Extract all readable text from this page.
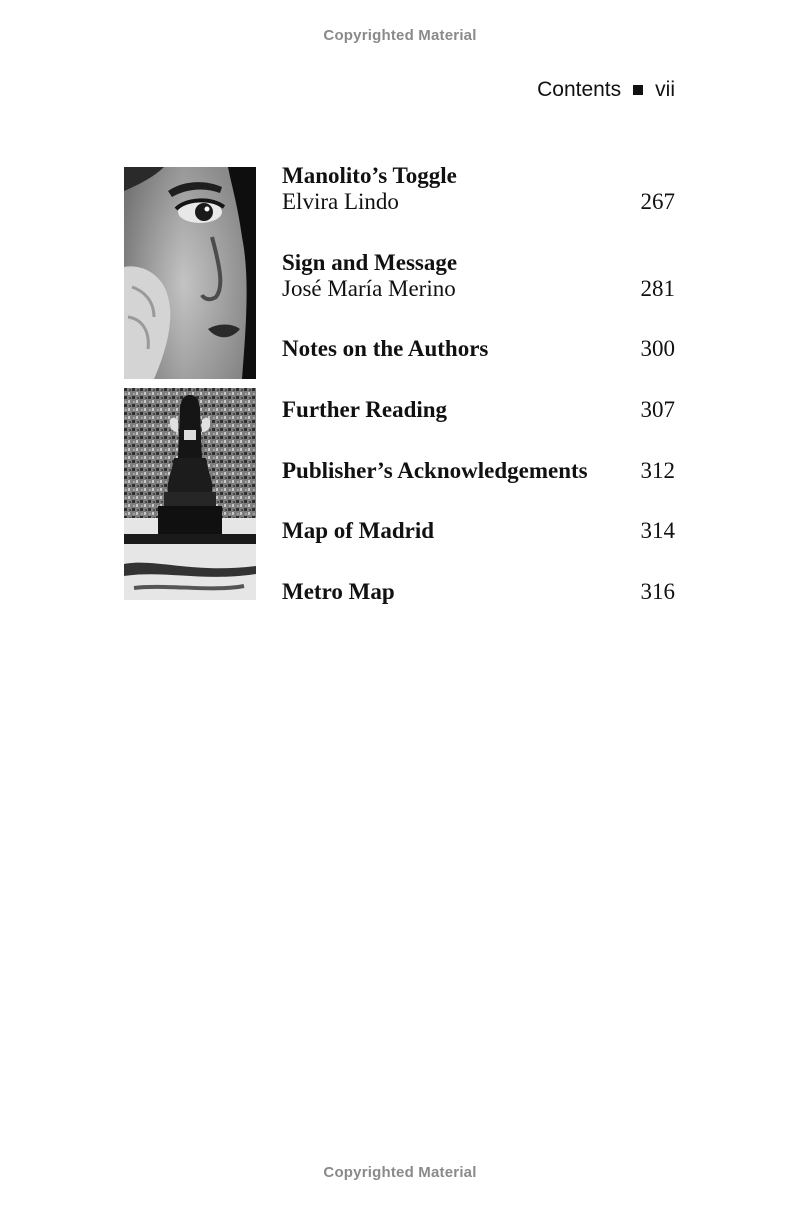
Copyrighted Material
Contents vii
Manolito’s Toggle
Elvira Lindo	267
Sign and Message
José María Merino	281
Notes on the Authors	300
Further Reading	307
Publisher’s Acknowledgements	312
Map of Madrid	314
Metro Map	316
Copyrighted Material
